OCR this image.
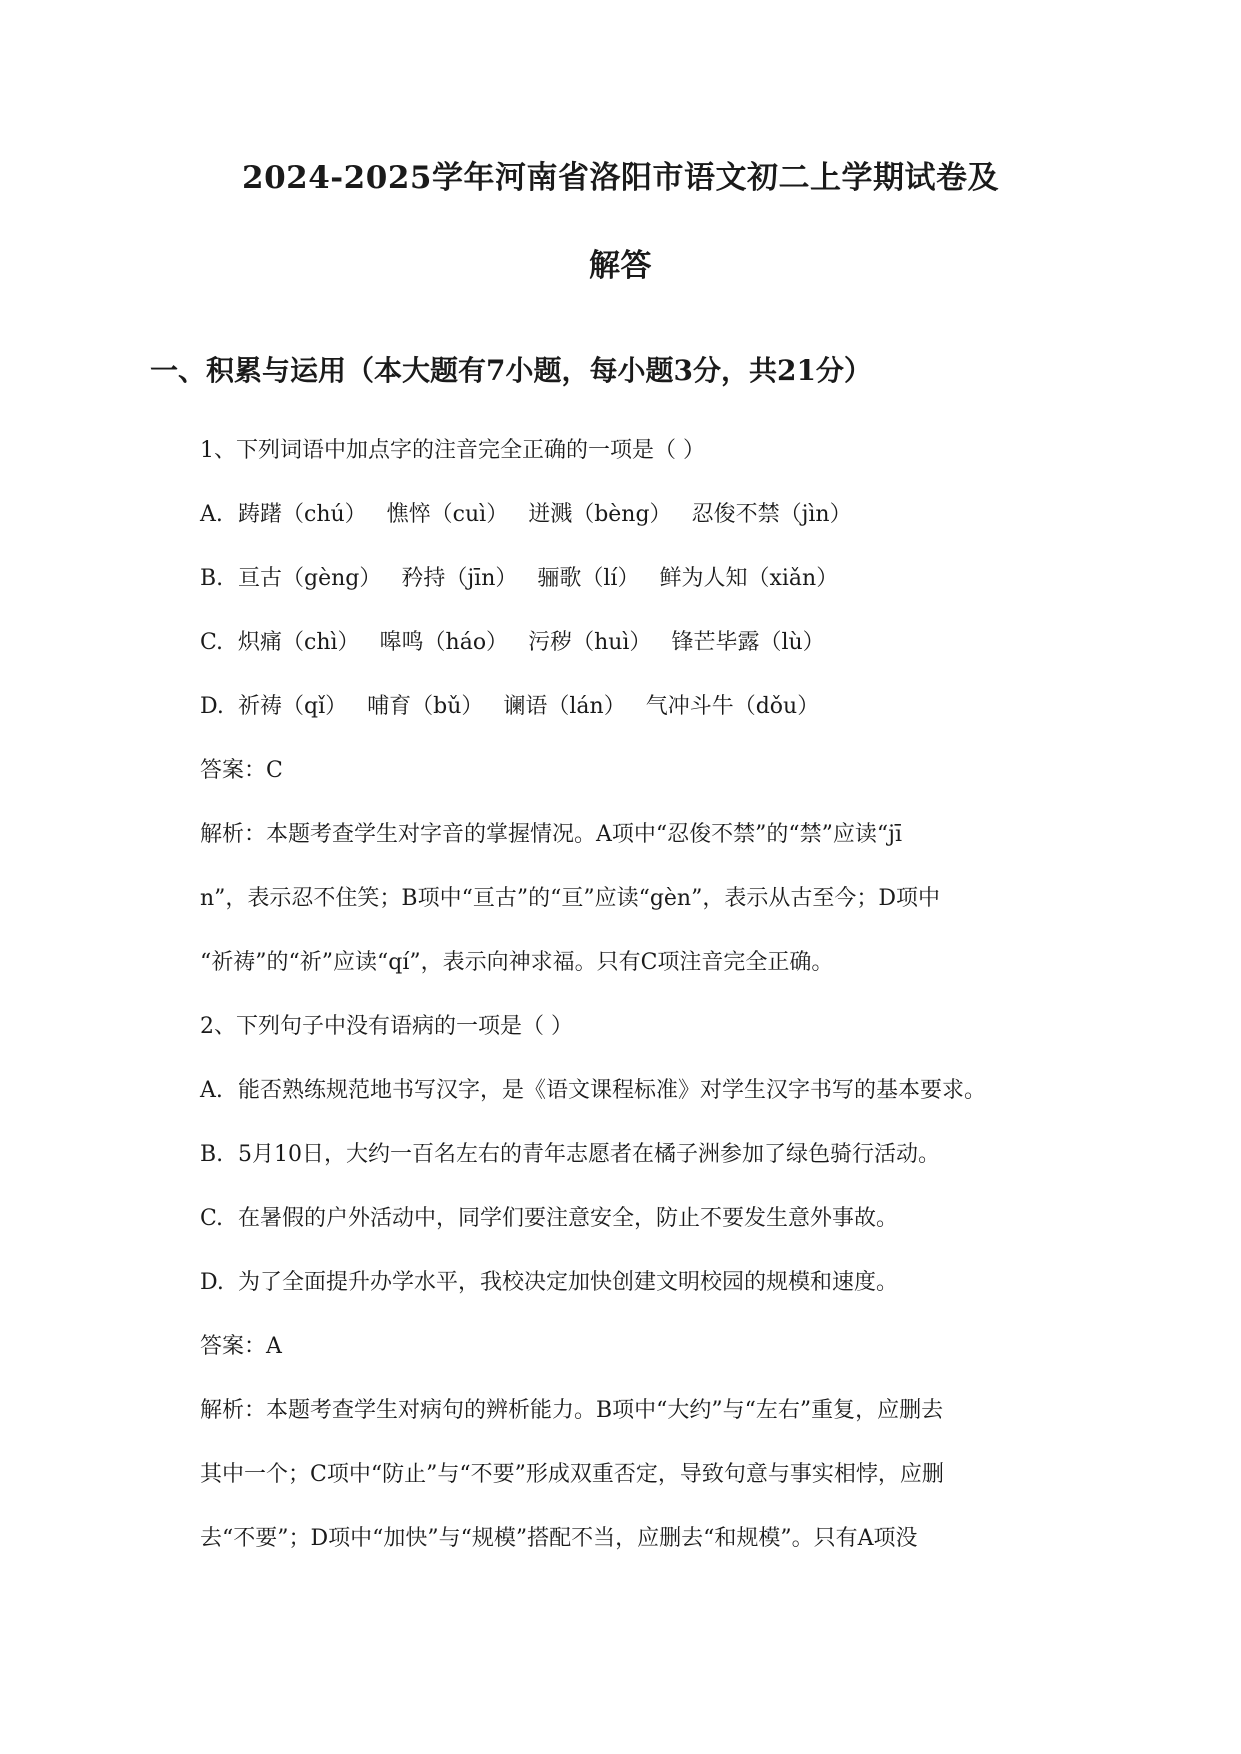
2024-2025学年河南省洛阳市语文初二上学期试卷及
解答
一、积累与运用（本大题有7小题，每小题3分，共21分）
1、下列词语中加点字的注音完全正确的一项是（ ）
A. 踌躇（chú） 憔悴（cuì） 迸溅（bèng） 忍俊不禁（jìn）
B. 亘古（gèng） 矜持（jīn） 骊歌（lí） 鲜为人知（xiǎn）
C. 炽痛（chì） 嗥鸣（háo） 污秽（huì） 锋芒毕露（lù）
D. 祈祷（qǐ） 哺育（bǔ） 谰语（lán） 气冲斗牛（dǒu）
答案：C
解析：本题考查学生对字音的掌握情况。A项中“忍俊不禁”的“禁”应读“jī
n”，表示忍不住笑；B项中“亘古”的“亘”应读“gèn”，表示从古至今；D项中
“祈祷”的“祈”应读“qí”，表示向神求福。只有C项注音完全正确。
2、下列句子中没有语病的一项是（ ）
A. 能否熟练规范地书写汉字，是《语文课程标准》对学生汉字书写的基本要求。
B. 5月10日，大约一百名左右的青年志愿者在橘子洲参加了绿色骑行活动。
C. 在暑假的户外活动中，同学们要注意安全，防止不要发生意外事故。
D. 为了全面提升办学水平，我校决定加快创建文明校园的规模和速度。
答案：A
解析：本题考查学生对病句的辨析能力。B项中“大约”与“左右”重复，应删去
其中一个；C项中“防止”与“不要”形成双重否定，导致句意与事实相悖，应删
去“不要”；D项中“加快”与“规模”搭配不当，应删去“和规模”。只有A项没
